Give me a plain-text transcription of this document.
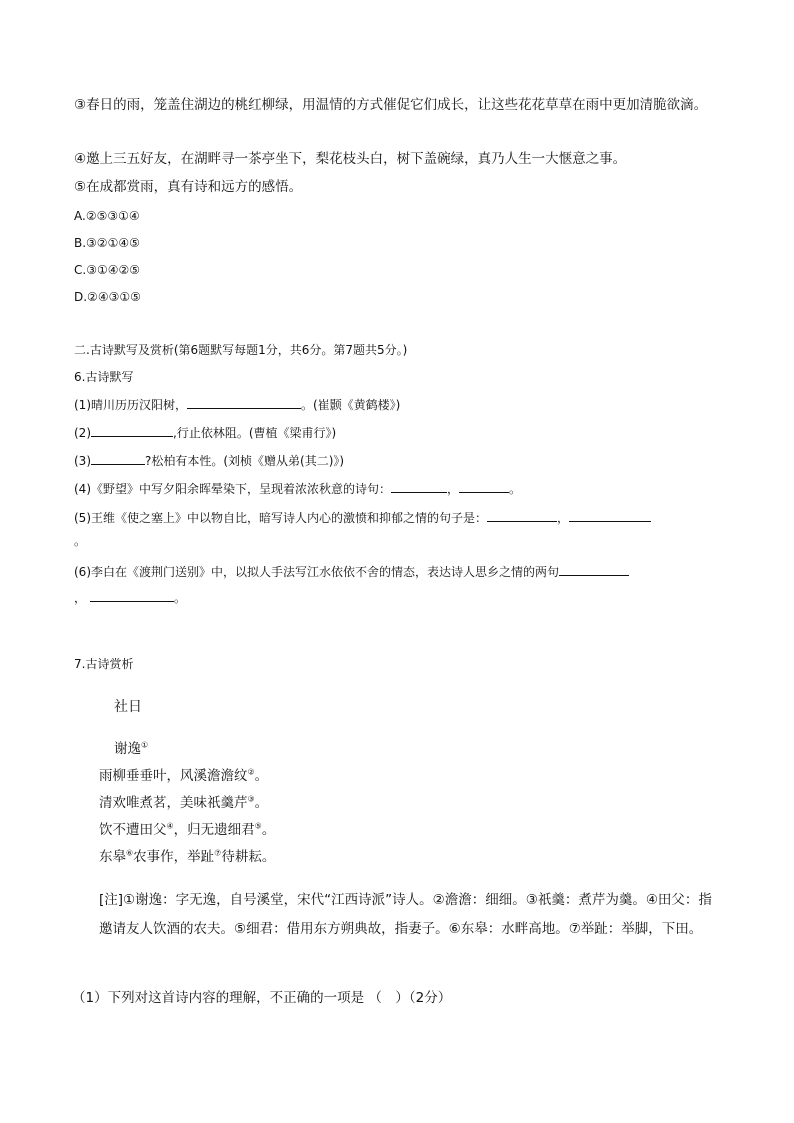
③春日的雨，笼盖住湖边的桃红柳绿，用温情的方式催促它们成长，让这些花花草草在雨中更加清脆欲滴。
④邀上三五好友，在湖畔寻一茶亭坐下，梨花枝头白，树下盖碗绿，真乃人生一大惬意之事。
⑤在成都赏雨，真有诗和远方的感悟。
A.②⑤③①④
B.③②①④⑤
C.③①④②⑤
D.②④③①⑤
二.古诗默写及赏析(第6题默写每题1分，共6分。第7题共5分。)
6.古诗默写
(1)晴川历历汉阳树，	。(崔颢《黄鹤楼》)
(2)	,行止依林阻。(曹植《梁甫行》)
(3)	?松柏有本性。(刘桢《赠从弟(其二)》)
(4)《野望》中写夕阳余晖晕染下，呈现着浓浓秋意的诗句：	，	。
(5)王维《使之塞上》中以物自比，暗写诗人内心的激愤和抑郁之情的句子是：	，
。
(6)李白在《渡荆门送别》中，以拟人手法写江水依依不舍的情态，表达诗人思乡之情的两句
，	。
7.古诗赏析
社日
谢逸①
雨柳垂垂叶，风溪澹澹纹②。
清欢唯煮茗，美味祇羹芹③。
饮不遭田父④，归无遗细君⑤。
东皋⑥农事作，举趾⑦待耕耘。
[注]①谢逸：字无逸，自号溪堂，宋代“江西诗派”诗人。②澹澹：细细。③祇羹：煮芹为羹。④田父：指邀请友人饮酒的农夫。⑤细君：借用东方朔典故，指妻子。⑥东皋：水畔高地。⑦举趾：举脚，下田。
（1）下列对这首诗内容的理解，不正确的一项是 （　）（2分）
